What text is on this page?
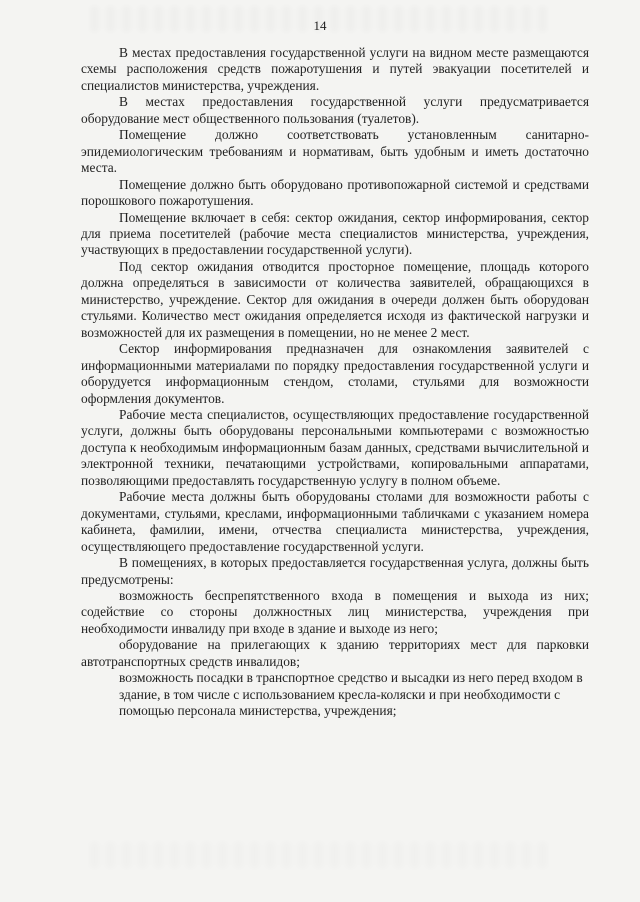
14

В местах предоставления государственной услуги на видном месте размещаются схемы расположения средств пожаротушения и путей эвакуации посетителей и специалистов министерства, учреждения.

В местах предоставления государственной услуги предусматривается оборудование мест общественного пользования (туалетов).

Помещение должно соответствовать установленным санитарно-эпидемиологическим требованиям и нормативам, быть удобным и иметь достаточно места.

Помещение должно быть оборудовано противопожарной системой и средствами порошкового пожаротушения.

Помещение включает в себя: сектор ожидания, сектор информирования, сектор для приема посетителей (рабочие места специалистов министерства, учреждения, участвующих в предоставлении государственной услуги).

Под сектор ожидания отводится просторное помещение, площадь которого должна определяться в зависимости от количества заявителей, обращающихся в министерство, учреждение. Сектор для ожидания в очереди должен быть оборудован стульями. Количество мест ожидания определяется исходя из фактической нагрузки и возможностей для их размещения в помещении, но не менее 2 мест.

Сектор информирования предназначен для ознакомления заявителей с информационными материалами по порядку предоставления государственной услуги и оборудуется информационным стендом, столами, стульями для возможности оформления документов.

Рабочие места специалистов, осуществляющих предоставление государственной услуги, должны быть оборудованы персональными компьютерами с возможностью доступа к необходимым информационным базам данных, средствами вычислительной и электронной техники, печатающими устройствами, копировальными аппаратами, позволяющими предоставлять государственную услугу в полном объеме.

Рабочие места должны быть оборудованы столами для возможности работы с документами, стульями, креслами, информационными табличками с указанием номера кабинета, фамилии, имени, отчества специалиста министерства, учреждения, осуществляющего предоставление государственной услуги.

В помещениях, в которых предоставляется государственная услуга, должны быть предусмотрены:

возможность беспрепятственного входа в помещения и выхода из них; содействие со стороны должностных лиц министерства, учреждения при необходимости инвалиду при входе в здание и выходе из него;

оборудование на прилегающих к зданию территориях мест для парковки автотранспортных средств инвалидов;

возможность посадки в транспортное средство и высадки из него перед входом в здание, в том числе с использованием кресла-коляски и при необходимости с помощью персонала министерства, учреждения;
